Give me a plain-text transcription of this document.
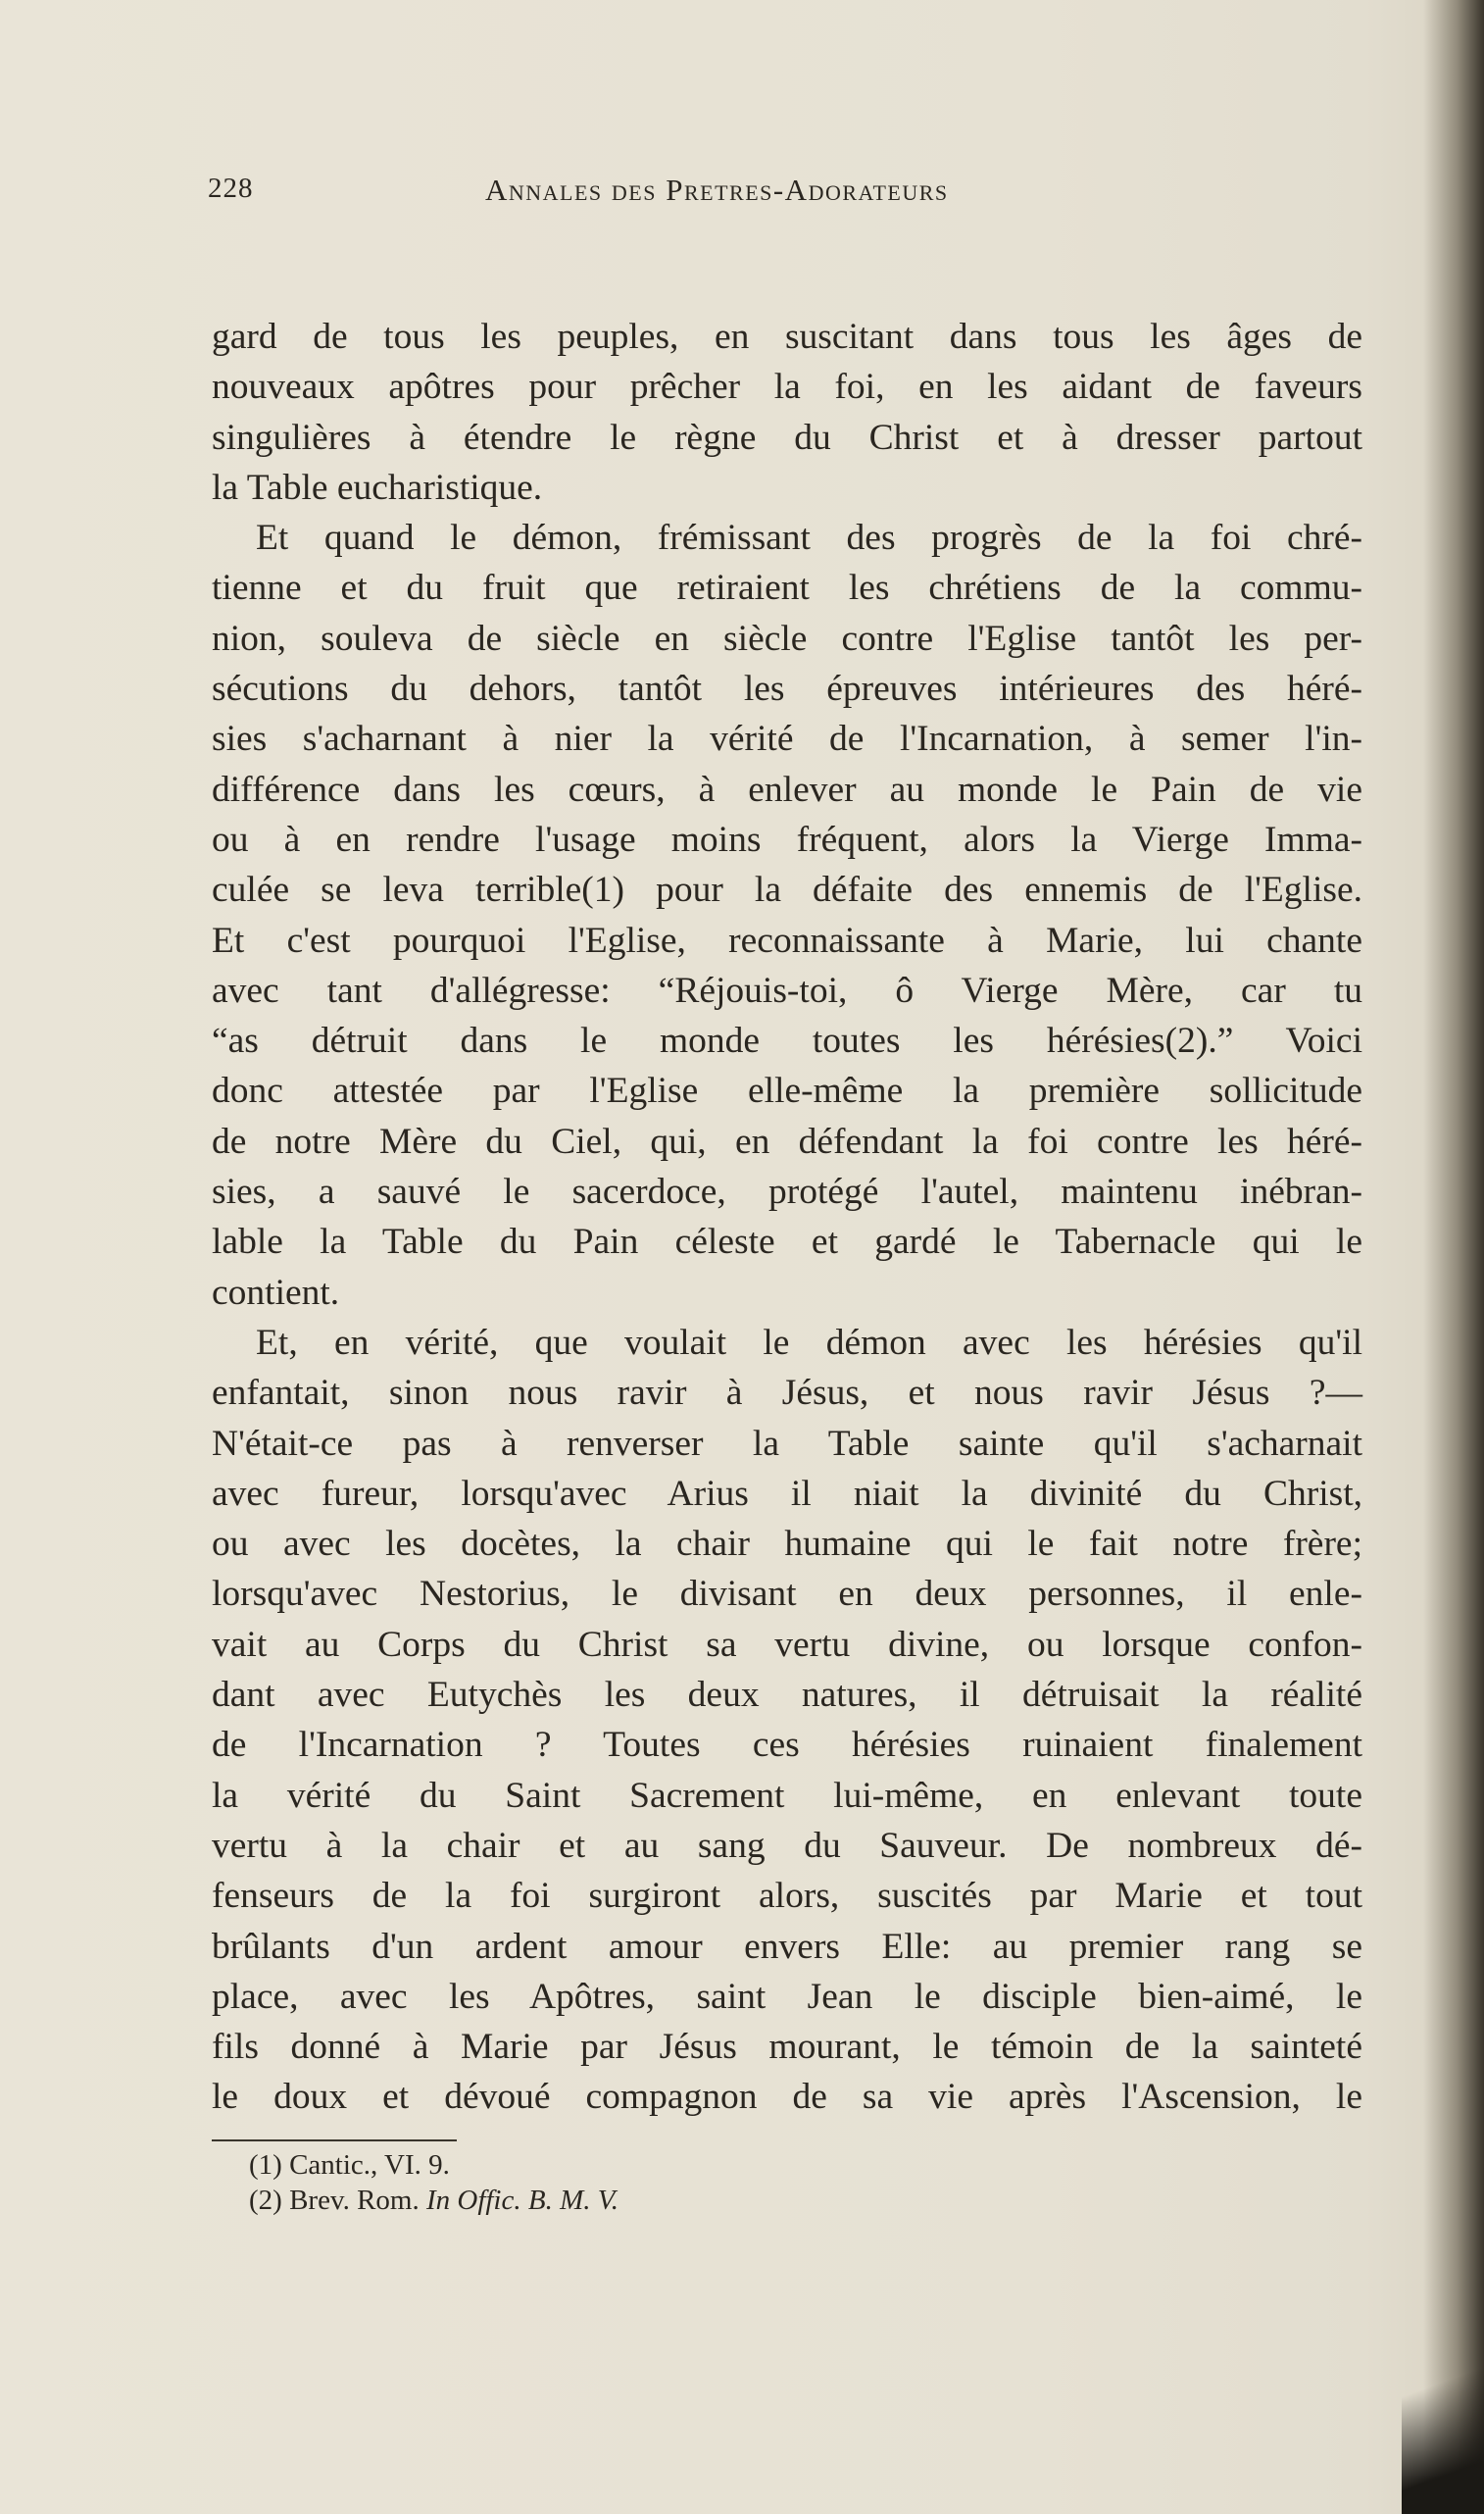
228	Annales des Pretres-Adorateurs

gard de tous les peuples, en suscitant dans tous les âges de
nouveaux apôtres pour prêcher la foi, en les aidant de faveurs
singulières à étendre le règne du Christ et à dresser partout
la Table eucharistique.

Et quand le démon, frémissant des progrès de la foi chré-
tienne et du fruit que retiraient les chrétiens de la commu-
nion, souleva de siècle en siècle contre l'Eglise tantôt les per-
sécutions du dehors, tantôt les épreuves intérieures des héré-
sies s'acharnant à nier la vérité de l'Incarnation, à semer l'in-
différence dans les cœurs, à enlever au monde le Pain de vie
ou à en rendre l'usage moins fréquent, alors la Vierge Imma-
culée se leva terrible(1) pour la défaite des ennemis de l'Eglise.
Et c'est pourquoi l'Eglise, reconnaissante à Marie, lui chante
avec tant d'allégresse: “Réjouis-toi, ô Vierge Mère, car tu
“as détruit dans le monde toutes les hérésies(2).” Voici
donc attestée par l'Eglise elle-même la première sollicitude
de notre Mère du Ciel, qui, en défendant la foi contre les héré-
sies, a sauvé le sacerdoce, protégé l'autel, maintenu inébran-
lable la Table du Pain céleste et gardé le Tabernacle qui le
contient.

Et, en vérité, que voulait le démon avec les hérésies qu'il
enfantait, sinon nous ravir à Jésus, et nous ravir Jésus ?—
N'était-ce pas à renverser la Table sainte qu'il s'acharnait
avec fureur, lorsqu'avec Arius il niait la divinité du Christ,
ou avec les docètes, la chair humaine qui le fait notre frère;
lorsqu'avec Nestorius, le divisant en deux personnes, il enle-
vait au Corps du Christ sa vertu divine, ou lorsque confon-
dant avec Eutychès les deux natures, il détruisait la réalité
de l'Incarnation ? Toutes ces hérésies ruinaient finalement
la vérité du Saint Sacrement lui-même, en enlevant toute
vertu à la chair et au sang du Sauveur. De nombreux dé-
fenseurs de la foi surgiront alors, suscités par Marie et tout
brûlants d'un ardent amour envers Elle: au premier rang se
place, avec les Apôtres, saint Jean le disciple bien-aimé, le
fils donné à Marie par Jésus mourant, le témoin de la sainteté
le doux et dévoué compagnon de sa vie après l'Ascension, le

(1) Cantic., VI. 9.
(2) Brev. Rom. In Offic. B. M. V.
